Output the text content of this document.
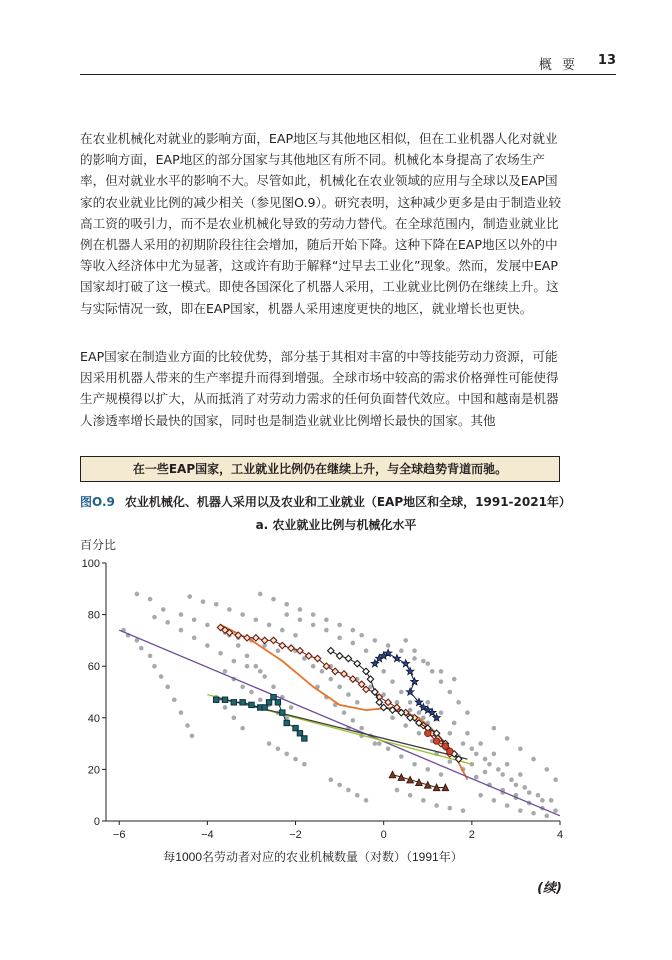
概 要 13

在农业机械化对就业的影响方面，EAP地区与其他地区相似，但在工业机器人化对就业的影响方面，EAP地区的部分国家与其他地区有所不同。机械化本身提高了农场生产率，但对就业水平的影响不大。尽管如此，机械化在农业领域的应用与全球以及EAP国家的农业就业比例的减少相关（参见图O.9）。研究表明，这种减少更多是由于制造业较高工资的吸引力，而不是农业机械化导致的劳动力替代。在全球范围内，制造业就业比例在机器人采用的初期阶段往往会增加，随后开始下降。这种下降在EAP地区以外的中等收入经济体中尤为显著，这或许有助于解释“过早去工业化”现象。然而，发展中EAP国家却打破了这一模式。即使各国深化了机器人采用，工业就业比例仍在继续上升。这与实际情况一致，即在EAP国家，机器人采用速度更快的地区，就业增长也更快。

EAP国家在制造业方面的比较优势，部分基于其相对丰富的中等技能劳动力资源，可能因采用机器人带来的生产率提升而得到增强。全球市场中较高的需求价格弹性可能使得生产规模得以扩大，从而抵消了对劳动力需求的任何负面替代效应。中国和越南是机器人渗透率增长最快的国家，同时也是制造业就业比例增长最快的国家。其他

在一些EAP国家，工业就业比例仍在继续上升，与全球趋势背道而驰。
图O.9 农业机械化、机器人采用以及农业和工业就业（EAP地区和全球，1991-2021年）
a. 农业就业比例与机械化水平
0
20
40
60
80
100
−6	−4	−2	0	2	4
百分比
每1000名劳动者对应的农业机械数量（对数）（1991年）
(续)
